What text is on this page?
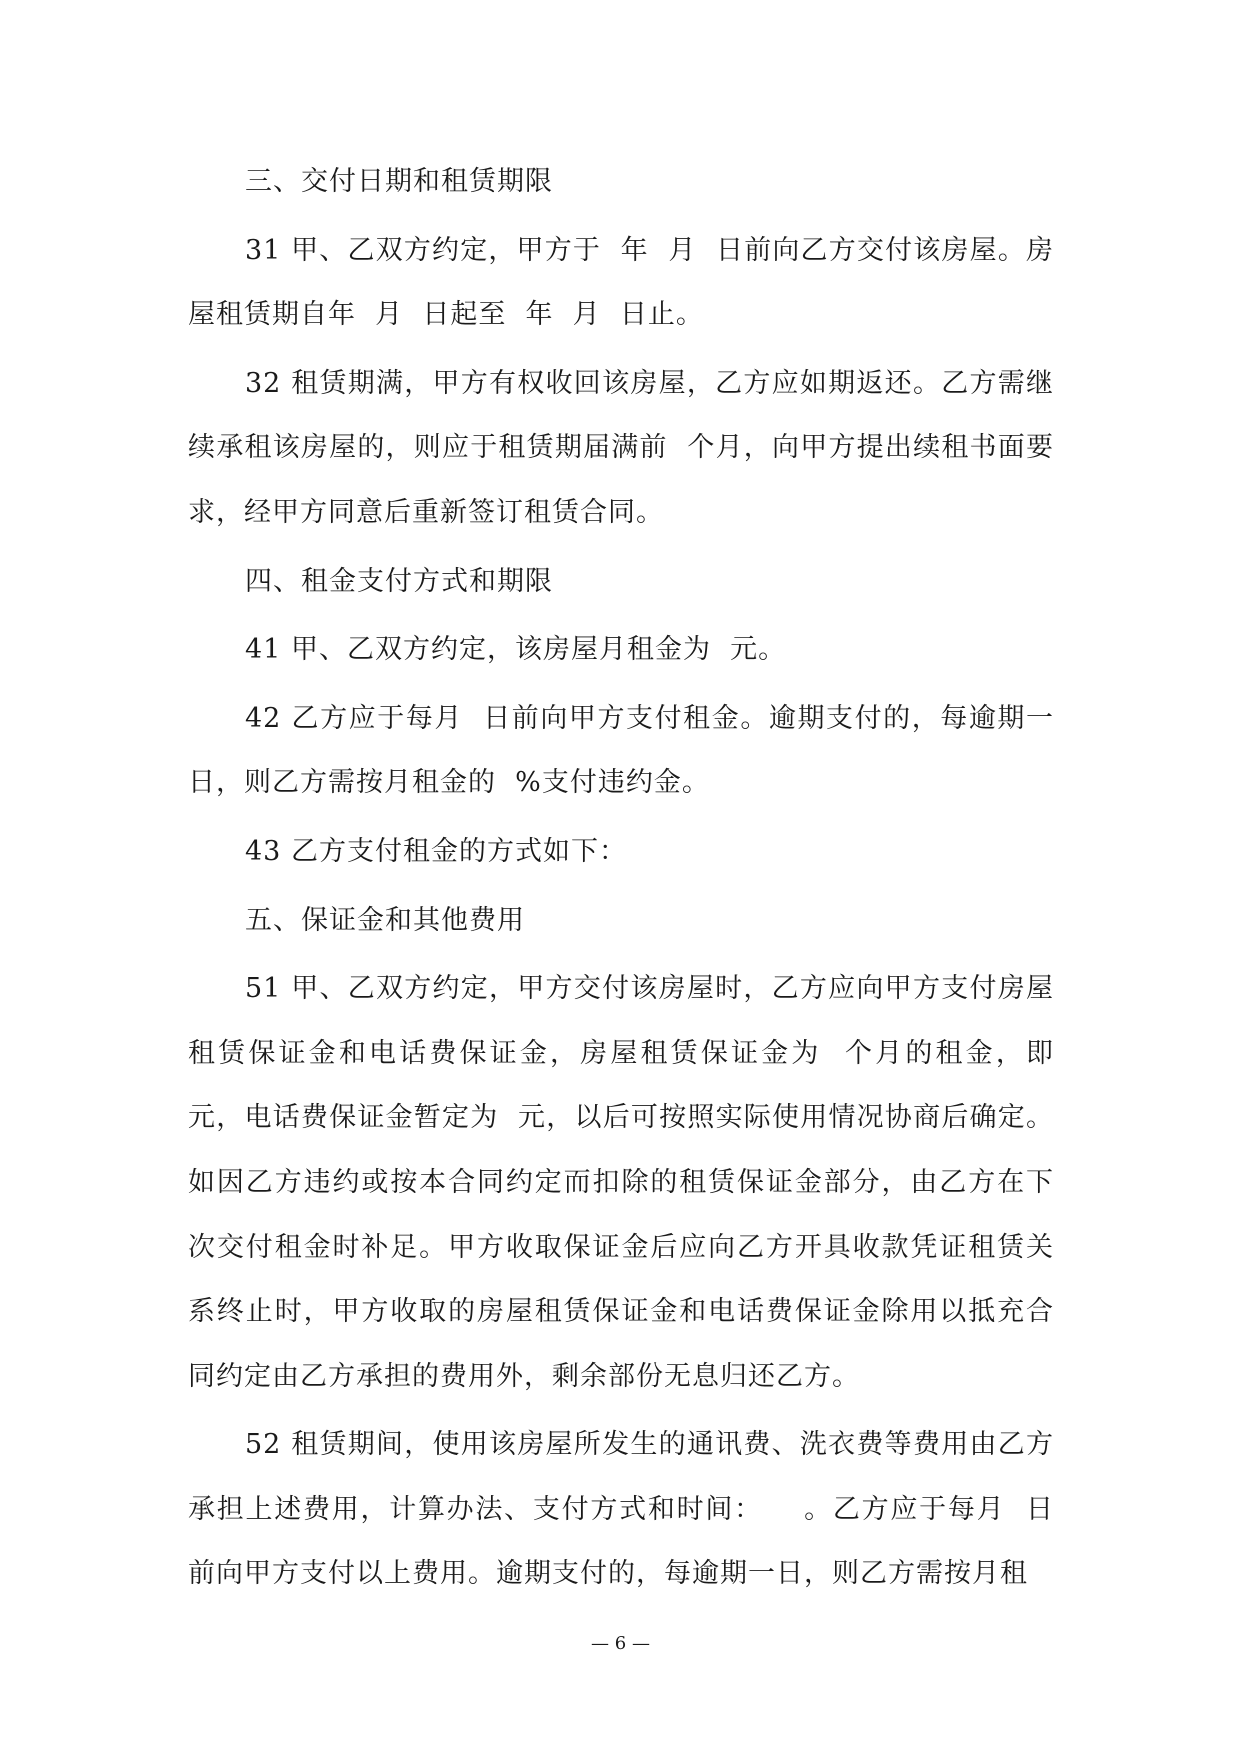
三、交付日期和租赁期限

31 甲、乙双方约定，甲方于  年  月  日前向乙方交付该房屋。房屋租赁期自年  月  日起至  年  月  日止。

32 租赁期满，甲方有权收回该房屋，乙方应如期返还。乙方需继续承租该房屋的，则应于租赁期届满前  个月，向甲方提出续租书面要求，经甲方同意后重新签订租赁合同。

四、租金支付方式和期限

41 甲、乙双方约定，该房屋月租金为  元。

42 乙方应于每月  日前向甲方支付租金。逾期支付的，每逾期一日，则乙方需按月租金的  %支付违约金。

43 乙方支付租金的方式如下：

五、保证金和其他费用

51 甲、乙双方约定，甲方交付该房屋时，乙方应向甲方支付房屋租赁保证金和电话费保证金，房屋租赁保证金为  个月的租金，即  元，电话费保证金暂定为  元，以后可按照实际使用情况协商后确定。如因乙方违约或按本合同约定而扣除的租赁保证金部分，由乙方在下次交付租金时补足。甲方收取保证金后应向乙方开具收款凭证租赁关系终止时，甲方收取的房屋租赁保证金和电话费保证金除用以抵充合同约定由乙方承担的费用外，剩余部份无息归还乙方。

52 租赁期间，使用该房屋所发生的通讯费、洗衣费等费用由乙方承担上述费用，计算办法、支付方式和时间：    。乙方应于每月  日前向甲方支付以上费用。逾期支付的，每逾期一日，则乙方需按月租

— 6 —
